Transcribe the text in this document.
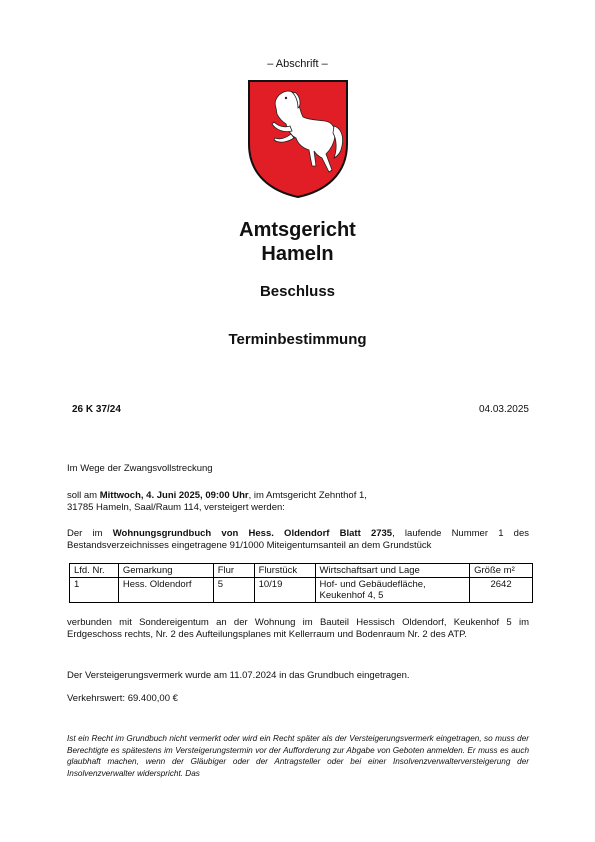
– Abschrift –
Amtsgericht
Hameln
Beschluss
Terminbestimmung
26 K 37/24	04.03.2025
Im Wege der Zwangsvollstreckung
soll am Mittwoch, 4. Juni 2025, 09:00 Uhr, im Amtsgericht Zehnthof 1,
31785 Hameln, Saal/Raum 114, versteigert werden:
Der im Wohnungsgrundbuch von Hess. Oldendorf Blatt 2735, laufende Nummer 1 des Bestandsverzeichnisses eingetragene 91/1000 Miteigentumsanteil an dem Grundstück
Lfd. Nr.	Gemarkung	Flur	Flurstück	Wirtschaftsart und Lage	Größe m²
1	Hess. Oldendorf	5	10/19	Hof- und Gebäudefläche, Keukenhof 4, 5	2642
verbunden mit Sondereigentum an der Wohnung im Bauteil Hessisch Oldendorf, Keukenhof 5 im Erdgeschoss rechts, Nr. 2 des Aufteilungsplanes mit Kellerraum und Bodenraum Nr. 2 des ATP.
Der Versteigerungsvermerk wurde am 11.07.2024 in das Grundbuch eingetragen.
Verkehrswert: 69.400,00 €
Ist ein Recht im Grundbuch nicht vermerkt oder wird ein Recht später als der Versteigerungsvermerk eingetragen, so muss der Berechtigte es spätestens im Versteigerungstermin vor der Aufforderung zur Abgabe von Geboten anmelden. Er muss es auch glaubhaft machen, wenn der Gläubiger oder der Antragsteller oder bei einer Insolvenzverwalterversteigerung der Insolvenzverwalter widerspricht. Das
